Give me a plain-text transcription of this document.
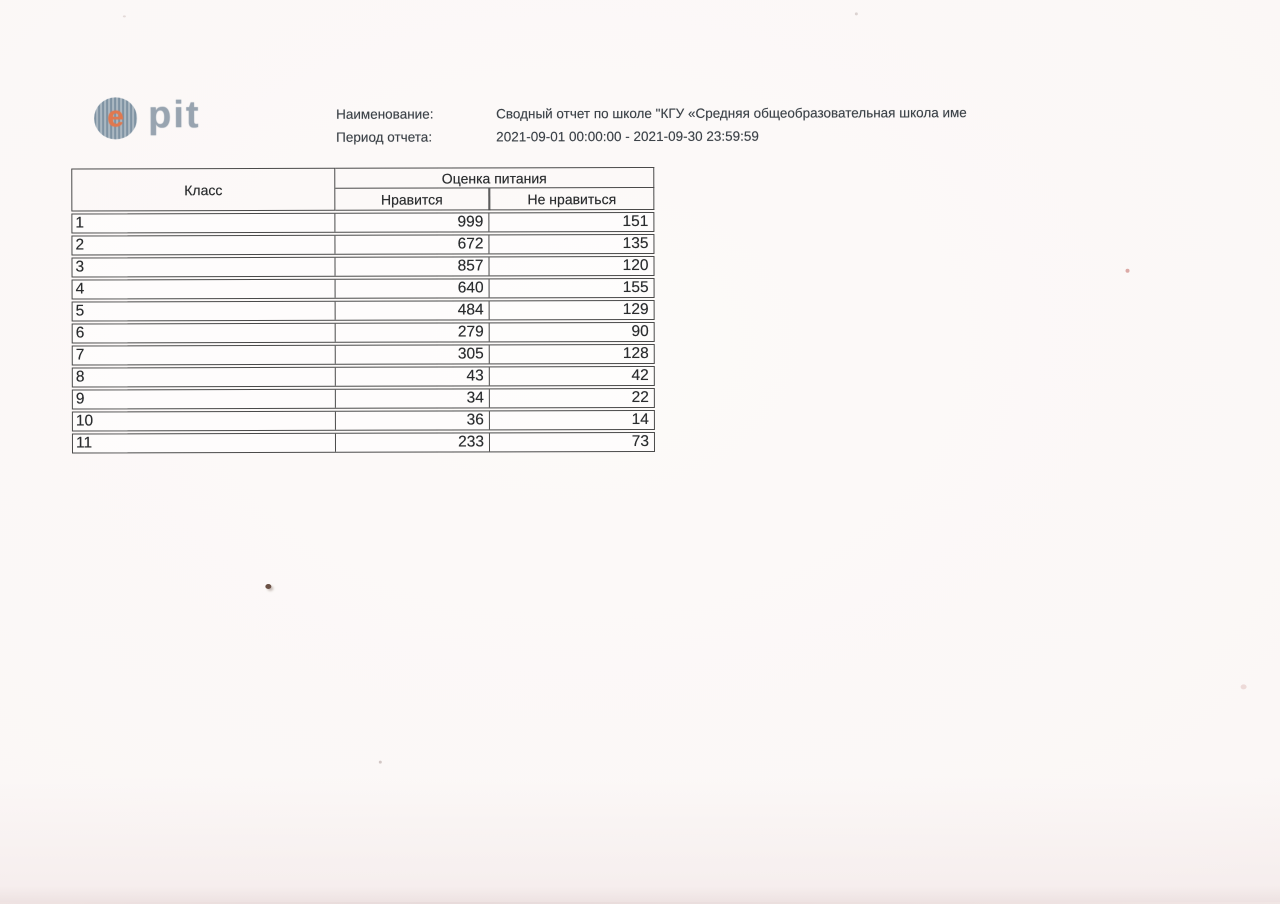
e pit	Наименование:	Сводный отчет по школе "КГУ «Средняя общеобразовательная школа име
Период отчета:	2021-09-01 00:00:00 - 2021-09-30 23:59:59
Класс
Оценка питания
Нравится	Не нравиться
1	999	151
2	672	135
3	857	120
4	640	155
5	484	129
6	279	90
7	305	128
8	43	42
9	34	22
10	36	14
11	233	73
